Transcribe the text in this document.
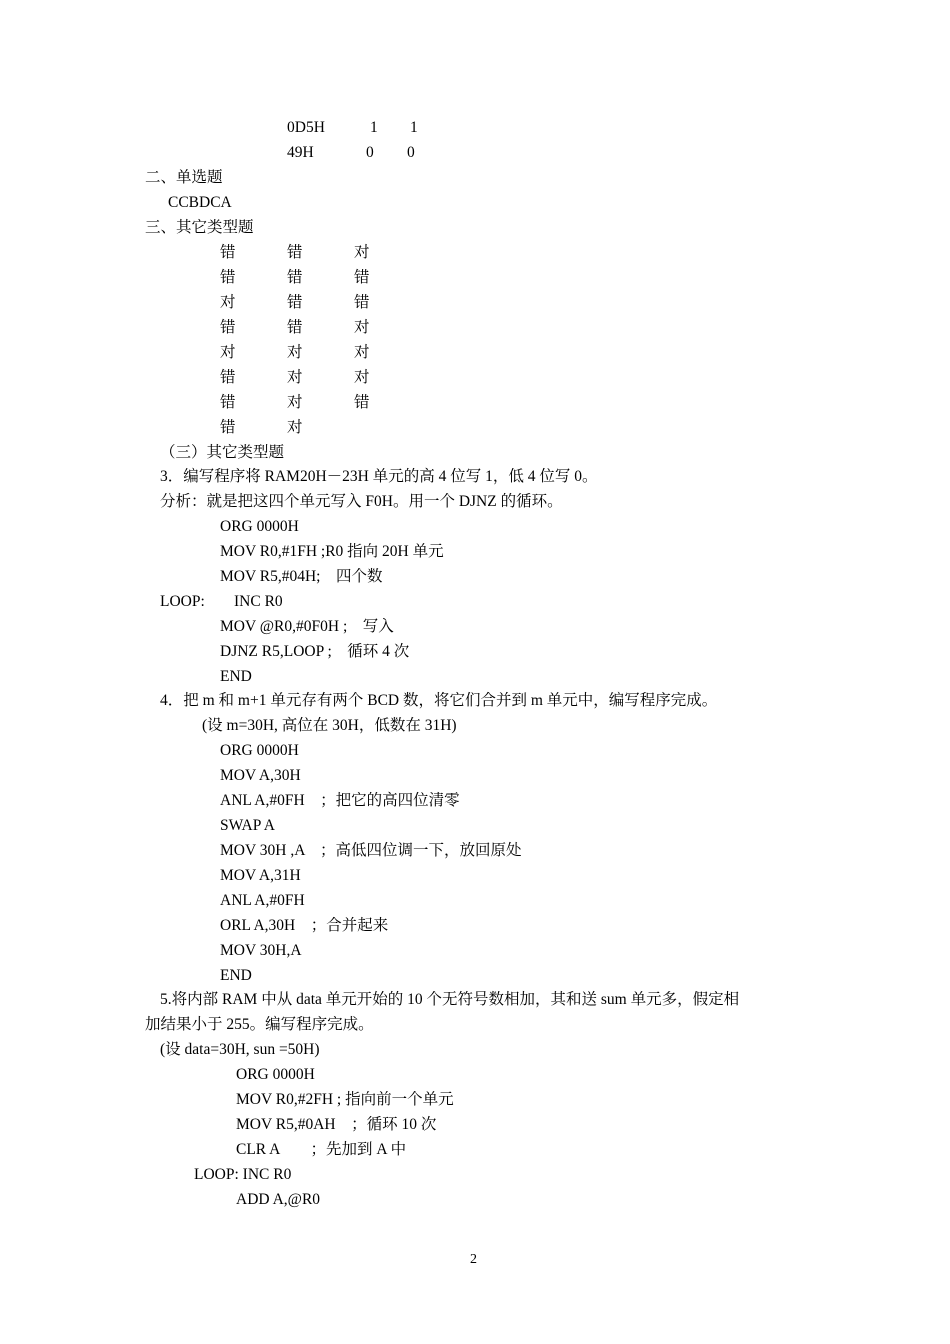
0D5H	1 1
49H	0 0
二、单选题
CCBDCA
三、其它类型题
错	错	对
错	错	错
对	错	错
错	错	对
对	对	对
错	对	对
错	对	错
错	对
（三）其它类型题
3．编写程序将 RAM20H－23H 单元的高 4 位写 1，低 4 位写 0。
分析：就是把这四个单元写入 F0H。用一个 DJNZ 的循环。
ORG 0000H
MOV R0,#1FH ;R0 指向 20H 单元
MOV R5,#04H;    四个数
LOOP: INC R0
MOV @R0,#0F0H ;    写入
DJNZ R5,LOOP ;    循环 4 次
END
4．把 m 和 m+1 单元存有两个 BCD 数，将它们合并到 m 单元中，编写程序完成。
(设 m=30H, 高位在 30H，低数在 31H)
ORG 0000H
MOV A,30H
ANL A,#0FH    ；把它的高四位清零
SWAP A
MOV 30H ,A    ；高低四位调一下，放回原处
MOV A,31H
ANL A,#0FH
ORL A,30H    ；合并起来
MOV 30H,A
END
5.将内部 RAM 中从 data 单元开始的 10 个无符号数相加，其和送 sum 单元多，假定相
加结果小于 255。编写程序完成。
(设 data=30H, sun =50H)
ORG 0000H
MOV R0,#2FH ; 指向前一个单元
MOV R5,#0AH    ；循环 10 次
CLR A        ；先加到 A 中
LOOP: INC R0
ADD A,@R0
2
